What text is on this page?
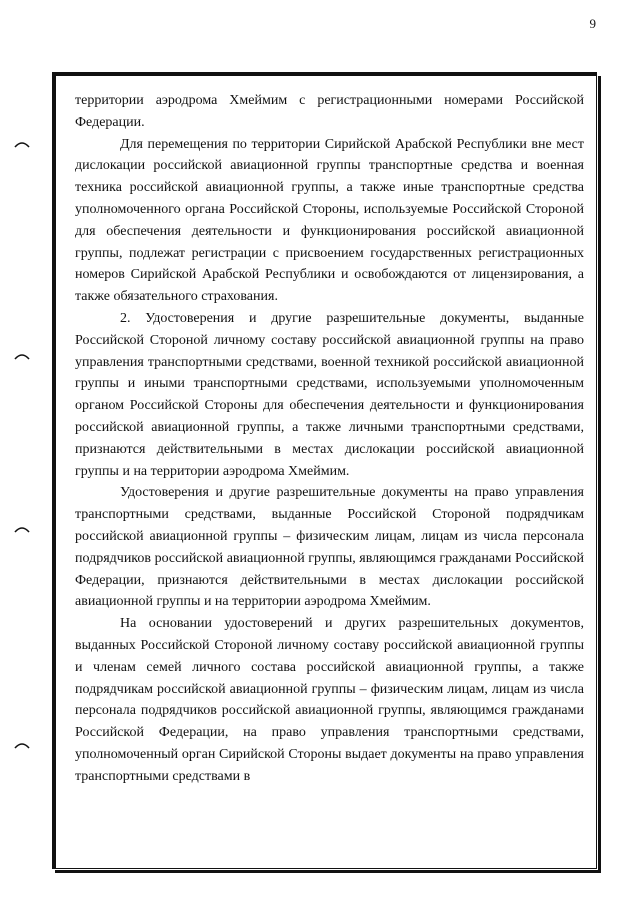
9

территории аэродрома Хмеймим с регистрационными номерами Российской Федерации.

Для перемещения по территории Сирийской Арабской Республики вне мест дислокации российской авиационной группы транспортные средства и военная техника российской авиационной группы, а также иные транспортные средства уполномоченного органа Российской Стороны, используемые Российской Стороной для обеспечения деятельности и функционирования российской авиационной группы, подлежат регистрации с присвоением государственных регистрационных номеров Сирийской Арабской Республики и освобождаются от лицензирования, а также обязательного страхования.

2. Удостоверения и другие разрешительные документы, выданные Российской Стороной личному составу российской авиационной группы на право управления транспортными средствами, военной техникой российской авиационной группы и иными транспортными средствами, используемыми уполномоченным органом Российской Стороны для обеспечения деятельности и функционирования российской авиационной группы, а также личными транспортными средствами, признаются действительными в местах дислокации российской авиационной группы и на территории аэродрома Хмеймим.

Удостоверения и другие разрешительные документы на право управления транспортными средствами, выданные Российской Стороной подрядчикам российской авиационной группы – физическим лицам, лицам из числа персонала подрядчиков российской авиационной группы, являющимся гражданами Российской Федерации, признаются действительными в местах дислокации российской авиационной группы и на территории аэродрома Хмеймим.

На основании удостоверений и других разрешительных документов, выданных Российской Стороной личному составу российской авиационной группы и членам семей личного состава российской авиационной группы, а также подрядчикам российской авиационной группы – физическим лицам, лицам из числа персонала подрядчиков российской авиационной группы, являющимся гражданами Российской Федерации, на право управления транспортными средствами, уполномоченный орган Сирийской Стороны выдает документы на право управления транспортными средствами в
